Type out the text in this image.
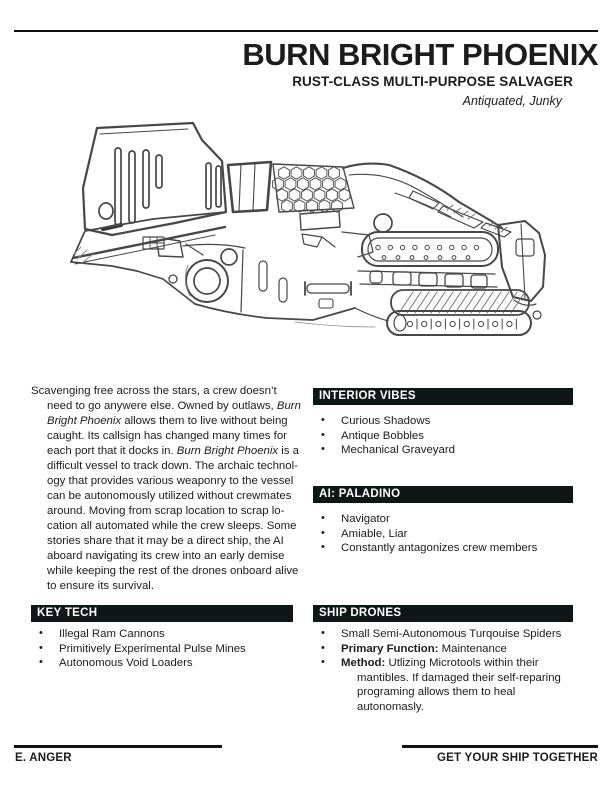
BURN BRIGHT PHOENIX
RUST-CLASS MULTI-PURPOSE SALVAGER
Antiquated, Junky
Scavenging free across the stars, a crew doesn’t
need to go anywere else. Owned by outlaws, Burn
Bright Phoenix allows them to live without being
caught. Its callsign has changed many times for
each port that it docks in. Burn Bright Phoenix is a
difficult vessel to track down. The archaic technol-
ogy that provides various weaponry to the vessel
can be autonomously utilized without crewmates
around. Moving from scrap location to scrap lo-
cation all automated while the crew sleeps. Some
stories share that it may be a direct ship, the AI
aboard navigating its crew into an early demise
while keeping the rest of the drones onboard alive
to ensure its survival.
INTERIOR VIBES
• Curious Shadows
• Antique Bobbles
• Mechanical Graveyard
AI: PALADINO
• Navigator
• Amiable, Liar
• Constantly antagonizes crew members
KEY TECH
• Illegal Ram Cannons
• Primitively Experimental Pulse Mines
• Autonomous Void Loaders
SHIP DRONES
• Small Semi-Autonomous Turqouise Spiders
• Primary Function: Maintenance
• Method: Utlizing Microtools within their
mantibles. If damaged their self-reparing
programing allows them to heal
autonomasly.
E. ANGER	GET YOUR SHIP TOGETHER
